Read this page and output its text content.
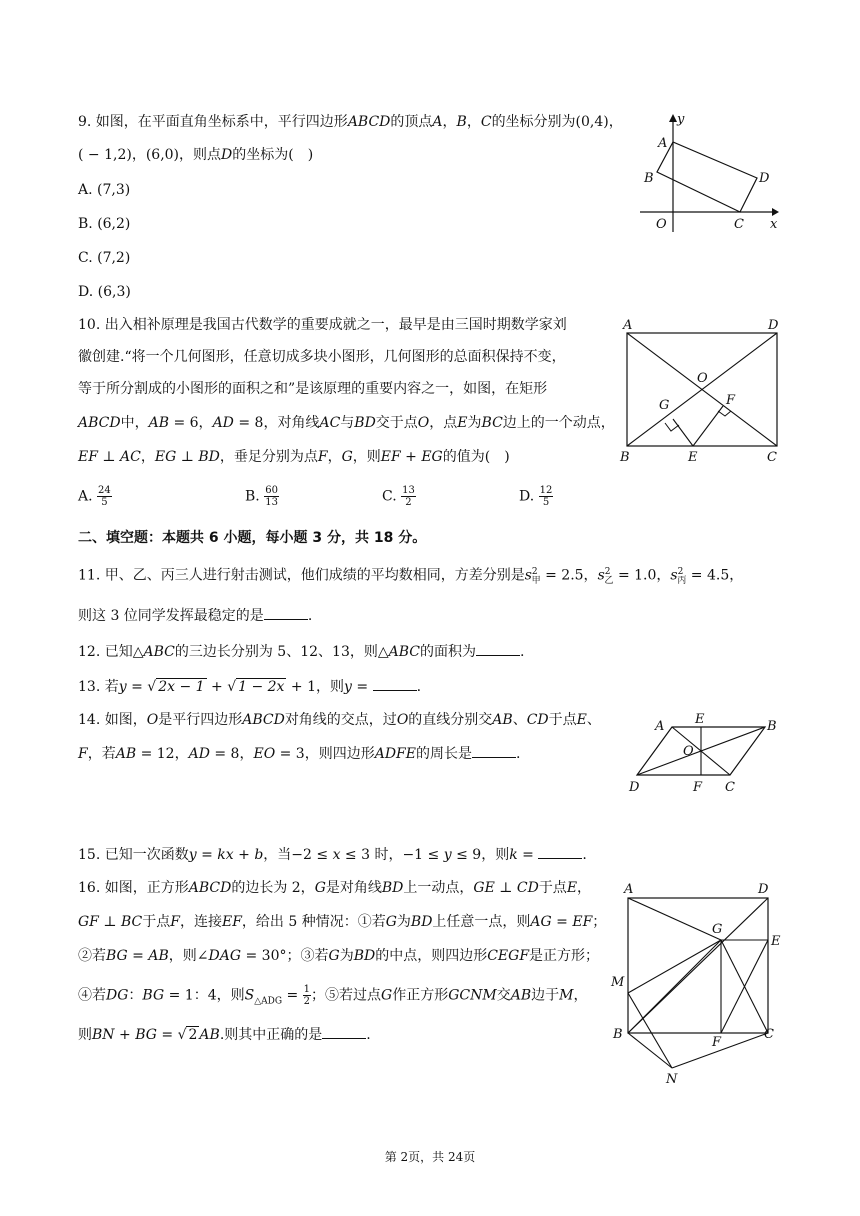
9. 如图，在平面直角坐标系中，平行四边形ABCD的顶点A，B，C的坐标分别为(0,4)，
( − 1,2)，(6,0)，则点D的坐标为(　)
A. (7,3)
B. (6,2)
C. (7,2)
D. (6,3)
y
x
A
B
C
D
O
10. 出入相补原理是我国古代数学的重要成就之一，最早是由三国时期数学家刘
徽创建.“将一个几何图形，任意切成多块小图形，几何图形的总面积保持不变，
等于所分割成的小图形的面积之和”是该原理的重要内容之一，如图，在矩形
ABCD中，AB = 6，AD = 8，对角线AC与BD交于点O，点E为BC边上的一个动点，
EF ⊥ AC，EG ⊥ BD，垂足分别为点F，G，则EF + EG的值为(　)
A. $\frac{24}{5}$	B. $\frac{60}{13}$	C. $\frac{13}{2}$	D. $\frac{12}{5}$
A	D
O
G	F
B	E	C
二、填空题：本题共 6 小题，每小题 3 分，共 18 分。
11. 甲、乙、丙三人进行射击测试，他们成绩的平均数相同，方差分别是$s^2_甲 = 2.5$，$s^2_乙 = 1.0$，$s^2_丙 = 4.5$，
则这 3 位同学发挥最稳定的是	.
12. 已知△ABC的三边长分别为 5、12、13，则△ABC的面积为	.
13. 若y = √ 2x − 1 + √ 1 − 2x + 1，则y =	.
14. 如图，O是平行四边形ABCD对角线的交点，过O的直线分别交AB、CD于点E、
F，若AB = 12，AD = 8，EO = 3，则四边形ADFE的周长是	.
A E	B
O
D	F C
15. 已知一次函数y = kx + b，当−2 ≤ x ≤ 3 时，−1 ≤ y ≤ 9，则k =	.
16. 如图，正方形ABCD的边长为 2，G是对角线BD上一动点，GE ⊥ CD于点E，
GF ⊥ BC于点F，连接EF，给出 5 种情况：①若G为BD上任意一点，则AG = EF；
②若BG = AB，则∠DAG = 30°；③若G为BD的中点，则四边形CEGF是正方形；
④若DG：BG = 1：4，则$S_{\triangle ADG} = \frac{1}{2}$ ；⑤若过点G作正方形GCNM交AB边于M，
则BN + BG = √ 2 AB.则其中正确的是	.
A	D
G
E
M
B
F
C
N
第 2页，共 24页
